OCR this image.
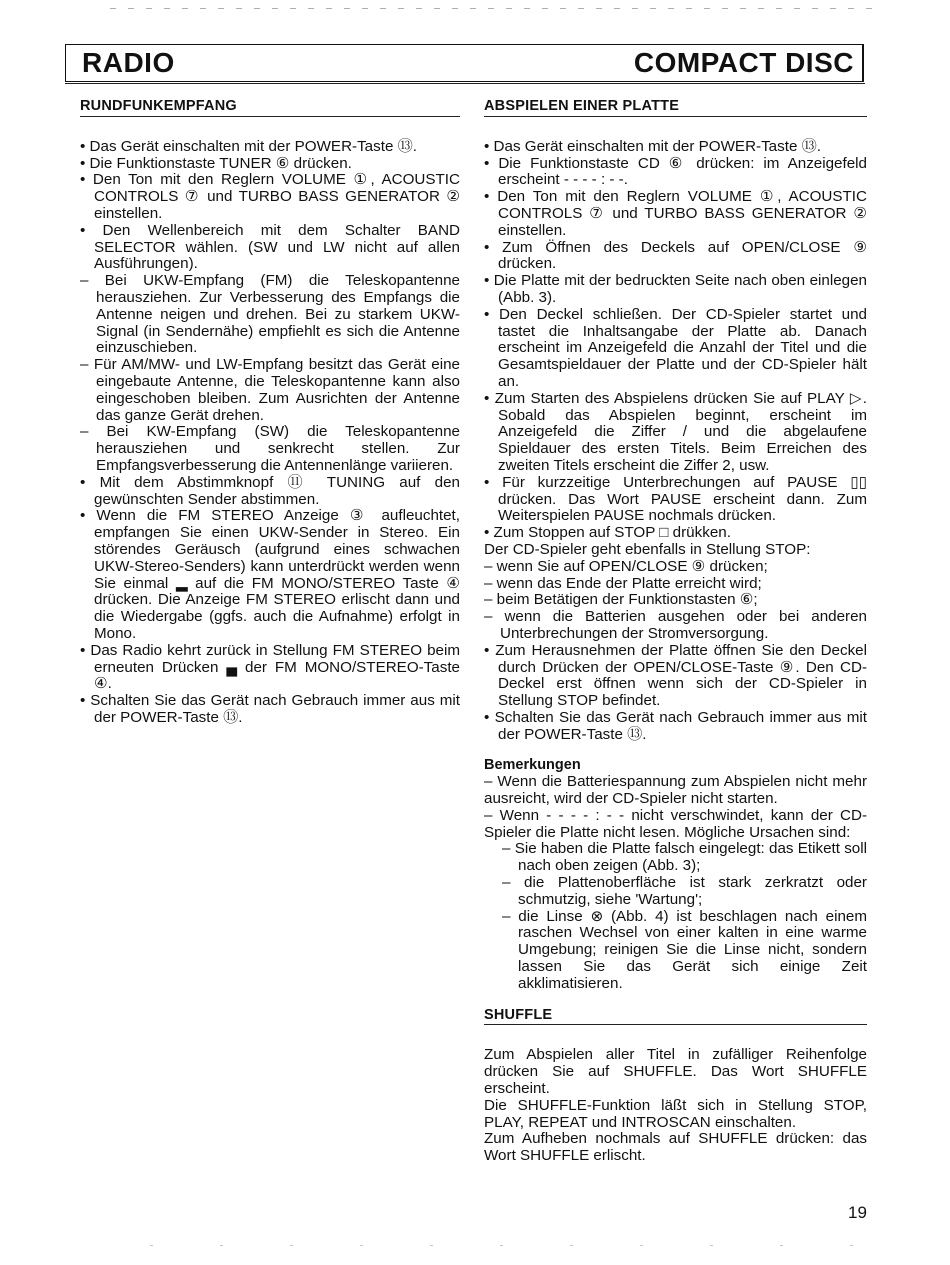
RADIO	COMPACT DISC
RUNDFUNKEMPFANG

• Das Gerät einschalten mit der POWER-Taste ⑬.

• Die Funktionstaste TUNER ⑥ drücken.

• Den Ton mit den Reglern VOLUME ①, ACOUSTIC CONTROLS ⑦ und TURBO BASS GENERATOR ② einstellen.

• Den Wellenbereich mit dem Schalter BAND SELECTOR wählen. (SW und LW nicht auf allen Ausführungen).

– Bei UKW-Empfang (FM) die Teleskopantenne herausziehen. Zur Verbesserung des Empfangs die Antenne neigen und drehen. Bei zu starkem UKW-Signal (in Sendernähe) empfiehlt es sich die Antenne einzuschieben.

– Für AM/MW- und LW-Empfang besitzt das Gerät eine eingebaute Antenne, die Teleskopantenne kann also eingeschoben bleiben. Zum Ausrichten der Antenne das ganze Gerät drehen.

– Bei KW-Empfang (SW) die Teleskopantenne herausziehen und senkrecht stellen. Zur Empfangsverbesserung die Antennenlänge variieren.

• Mit dem Abstimmknopf ⑪ TUNING auf den gewünschten Sender abstimmen.

• Wenn die FM STEREO Anzeige ③ aufleuchtet, empfangen Sie einen UKW-Sender in Stereo. Ein störendes Geräusch (aufgrund eines schwachen UKW-Stereo-Senders) kann unterdrückt werden wenn Sie einmal ▂ auf die FM MONO/STEREO Taste ④ drücken. Die Anzeige FM STEREO erlischt dann und die Wiedergabe (ggfs. auch die Aufnahme) erfolgt in Mono.

• Das Radio kehrt zurück in Stellung FM STEREO beim erneuten Drücken ▄ der FM MONO/STEREO-Taste ④.

• Schalten Sie das Gerät nach Gebrauch immer aus mit der POWER-Taste ⑬.

ABSPIELEN EINER PLATTE

• Das Gerät einschalten mit der POWER-Taste ⑬.

• Die Funktionstaste CD ⑥ drücken: im Anzeigefeld erscheint - - - - : - -.

• Den Ton mit den Reglern VOLUME ①, ACOUSTIC CONTROLS ⑦ und TURBO BASS GENERATOR ② einstellen.

• Zum Öffnen des Deckels auf OPEN/CLOSE ⑨ drücken.

• Die Platte mit der bedruckten Seite nach oben einlegen (Abb. 3).

• Den Deckel schließen. Der CD-Spieler startet und tastet die Inhaltsangabe der Platte ab. Danach erscheint im Anzeigefeld die Anzahl der Titel und die Gesamtspieldauer der Platte und der CD-Spieler hält an.

• Zum Starten des Abspielens drücken Sie auf PLAY ▷. Sobald das Abspielen beginnt, erscheint im Anzeigefeld die Ziffer / und die abgelaufene Spieldauer des ersten Titels. Beim Erreichen des zweiten Titels erscheint die Ziffer 2, usw.

• Für kurzzeitige Unterbrechungen auf PAUSE ▯▯ drücken. Das Wort PAUSE erscheint dann. Zum Weiterspielen PAUSE nochmals drücken.

• Zum Stoppen auf STOP □ drükken.

Der CD-Spieler geht ebenfalls in Stellung STOP:

– wenn Sie auf OPEN/CLOSE ⑨ drücken;

– wenn das Ende der Platte erreicht wird;

– beim Betätigen der Funktionstasten ⑥;

– wenn die Batterien ausgehen oder bei anderen Unterbrechungen der Stromversorgung.

• Zum Herausnehmen der Platte öffnen Sie den Deckel durch Drücken der OPEN/CLOSE-Taste ⑨. Den CD-Deckel erst öffnen wenn sich der CD-Spieler in Stellung STOP befindet.

• Schalten Sie das Gerät nach Gebrauch immer aus mit der POWER-Taste ⑬.

Bemerkungen

– Wenn die Batteriespannung zum Abspielen nicht mehr ausreicht, wird der CD-Spieler nicht starten.

– Wenn - - - - : - - nicht verschwindet, kann der CD-Spieler die Platte nicht lesen. Mögliche Ursachen sind:

– Sie haben die Platte falsch eingelegt: das Etikett soll nach oben zeigen (Abb. 3);

– die Plattenoberfläche ist stark zerkratzt oder schmutzig, siehe 'Wartung';

– die Linse ⊗ (Abb. 4) ist beschlagen nach einem raschen Wechsel von einer kalten in eine warme Umgebung; reinigen Sie die Linse nicht, sondern lassen Sie das Gerät sich einige Zeit akklimatisieren.

SHUFFLE

Zum Abspielen aller Titel in zufälliger Reihenfolge drücken Sie auf SHUFFLE. Das Wort SHUFFLE erscheint.

Die SHUFFLE-Funktion läßt sich in Stellung STOP, PLAY, REPEAT und INTROSCAN einschalten.

Zum Aufheben nochmals auf SHUFFLE drücken: das Wort SHUFFLE erlischt.

19
